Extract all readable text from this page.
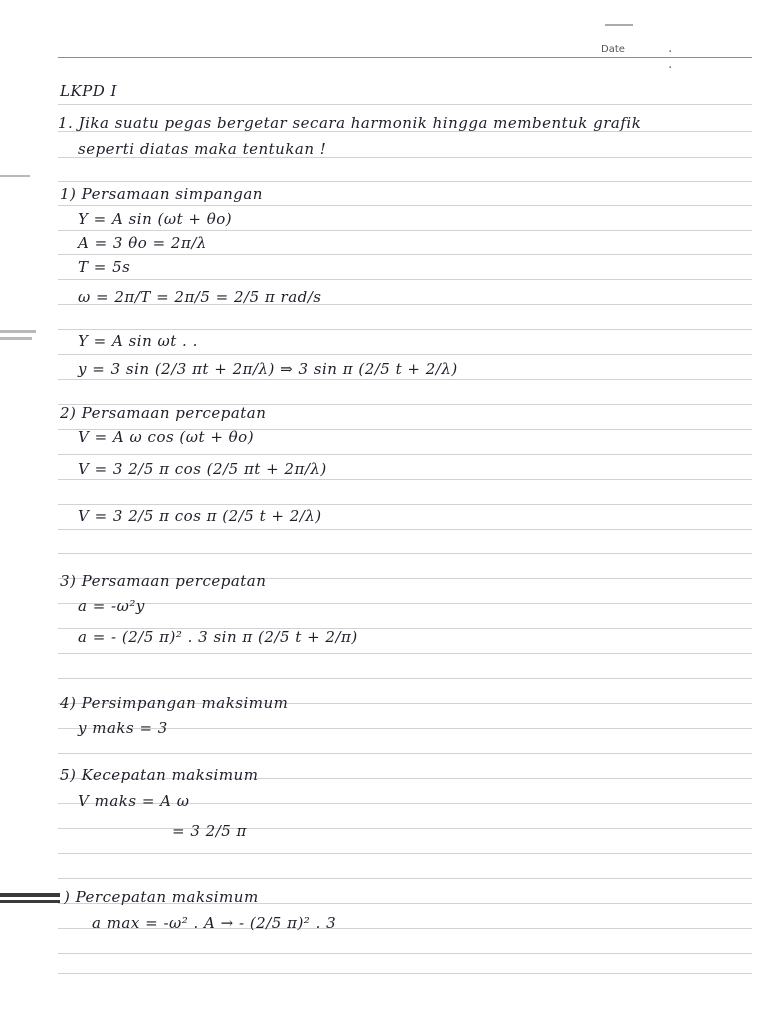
Date	. .
LKPD I
1. Jika suatu pegas bergetar secara harmonik hingga membentuk grafik
seperti diatas maka tentukan !
1) Persamaan simpangan
Y = A sin (ωt + θo)
A = 3 θo = 2π/λ
T = 5s
ω = 2π/T = 2π/5 = 2/5 π rad/s
Y = A sin ωt . .
y = 3 sin (2/3 πt + 2π/λ) ⇒ 3 sin π (2/5 t + 2/λ)
2) Persamaan percepatan
V = A ω cos (ωt + θo)
V = 3 2/5 π cos (2/5 πt + 2π/λ)
V = 3 2/5 π cos π (2/5 t + 2/λ)
3) Persamaan percepatan
a = -ω²y
a = - (2/5 π)² . 3 sin π (2/5 t + 2/π)
4) Persimpangan maksimum
y maks = 3
5) Kecepatan maksimum
V maks = A ω
= 3 2/5 π
) Percepatan maksimum
a max = -ω² . A → - (2/5 π)² . 3
